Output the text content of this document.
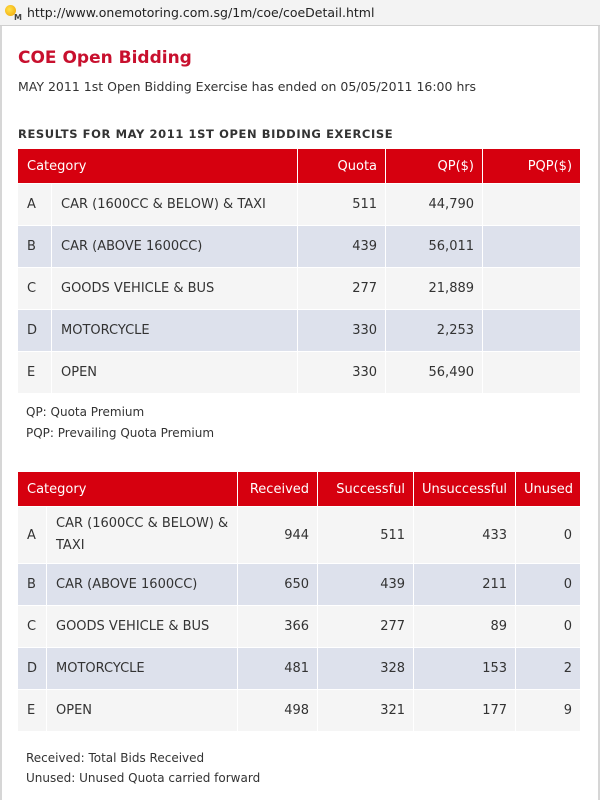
M http://www.onemotoring.com.sg/1m/coe/coeDetail.html
COE Open Bidding
MAY 2011 1st Open Bidding Exercise has ended on 05/05/2011 16:00 hrs
RESULTS FOR MAY 2011 1ST OPEN BIDDING EXERCISE
Category		Quota	QP($)	PQP($)
A	CAR (1600CC & BELOW) & TAXI	511	44,790	
B	CAR (ABOVE 1600CC)	439	56,011	
C	GOODS VEHICLE & BUS	277	21,889	
D	MOTORCYCLE	330	2,253	
E	OPEN	330	56,490	
QP: Quota Premium
PQP: Prevailing Quota Premium
Category		Received	Successful	Unsuccessful	Unused
A	CAR (1600CC & BELOW) & TAXI	944	511	433	0
B	CAR (ABOVE 1600CC)	650	439	211	0
C	GOODS VEHICLE & BUS	366	277	89	0
D	MOTORCYCLE	481	328	153	2
E	OPEN	498	321	177	9
Received: Total Bids Received
Unused: Unused Quota carried forward
